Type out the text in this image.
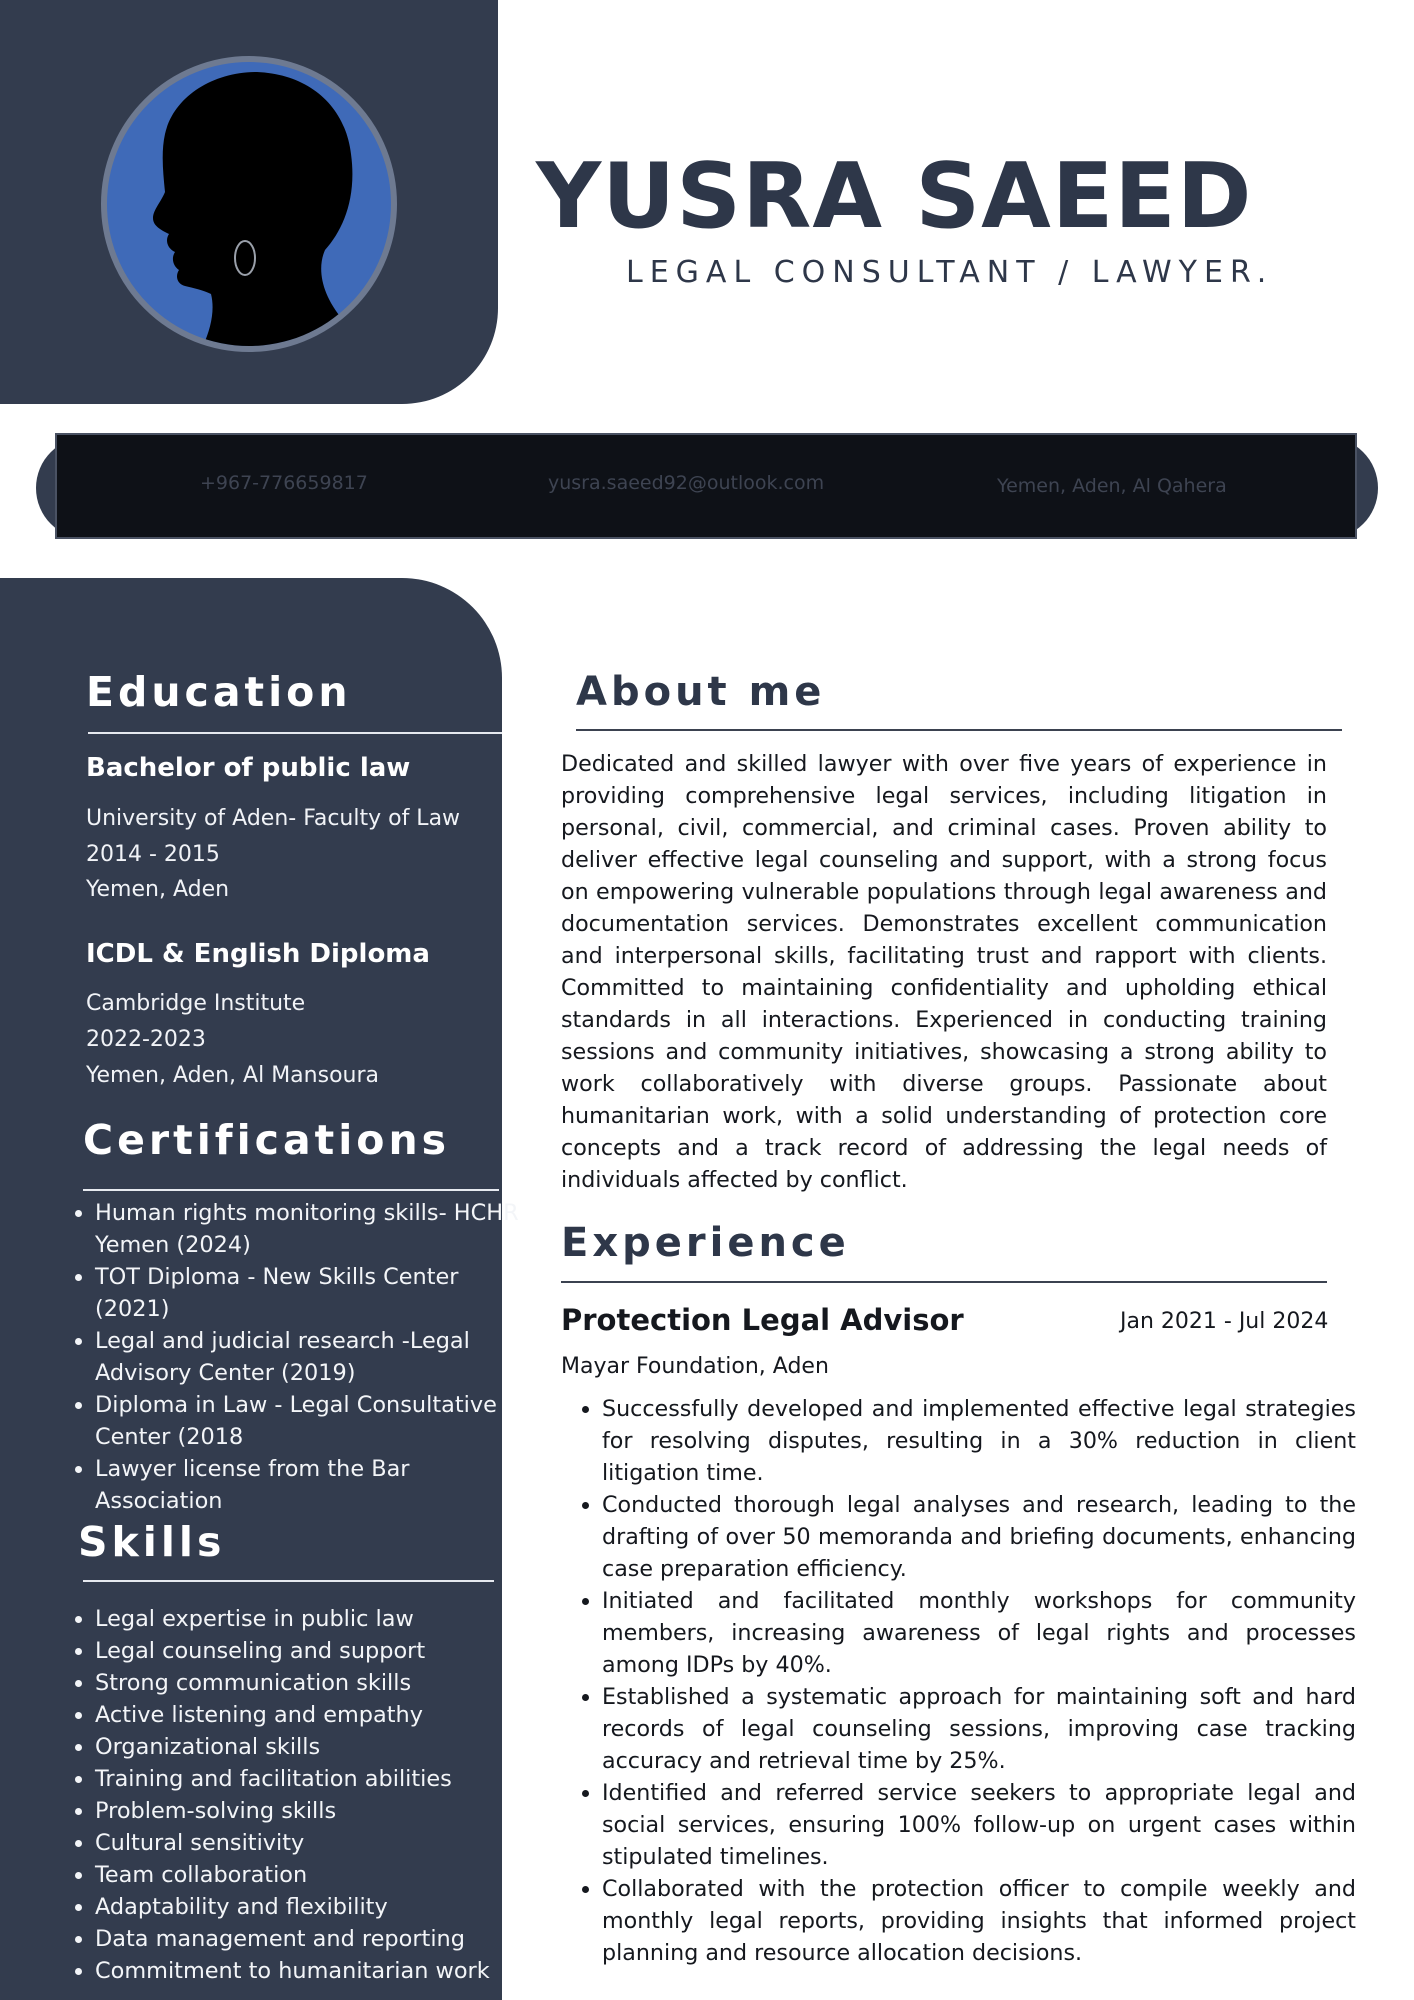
YUSRA SAEED
LEGAL CONSULTANT / LAWYER.
+967-776659817	yusra.saeed92@outlook.com	Yemen, Aden, Al Qahera
Education
Bachelor of public law
University of Aden- Faculty of Law
2014 - 2015
Yemen, Aden
ICDL & English Diploma
Cambridge Institute
2022-2023
Yemen, Aden, Al Mansoura
Certifications
• Human rights monitoring skills- HCHR Yemen (2024)
• TOT Diploma - New Skills Center (2021)
• Legal and judicial research -Legal Advisory Center (2019)
• Diploma in Law - Legal Consultative Center (2018
• Lawyer license from the Bar Association
Skills
• Legal expertise in public law
• Legal counseling and support
• Strong communication skills
• Active listening and empathy
• Organizational skills
• Training and facilitation abilities
• Problem-solving skills
• Cultural sensitivity
• Team collaboration
• Adaptability and flexibility
• Data management and reporting
• Commitment to humanitarian work
About me

Dedicated and skilled lawyer with over five years of experience in providing comprehensive legal services, including litigation in personal, civil, commercial, and criminal cases. Proven ability to deliver effective legal counseling and support, with a strong focus on empowering vulnerable populations through legal awareness and documentation services. Demonstrates excellent communication and interpersonal skills, facilitating trust and rapport with clients. Committed to maintaining confidentiality and upholding ethical standards in all interactions. Experienced in conducting training sessions and community initiatives, showcasing a strong ability to work collaboratively with diverse groups. Passionate about humanitarian work, with a solid understanding of protection core concepts and a track record of addressing the legal needs of individuals affected by conflict.

Experience
Protection Legal Advisor	Jan 2021 - Jul 2024
Mayar Foundation, Aden
• Successfully developed and implemented effective legal strategies for resolving disputes, resulting in a 30% reduction in client litigation time.
• Conducted thorough legal analyses and research, leading to the drafting of over 50 memoranda and briefing documents, enhancing case preparation efficiency.
• Initiated and facilitated monthly workshops for community members, increasing awareness of legal rights and processes among IDPs by 40%.
• Established a systematic approach for maintaining soft and hard records of legal counseling sessions, improving case tracking accuracy and retrieval time by 25%.
• Identified and referred service seekers to appropriate legal and social services, ensuring 100% follow-up on urgent cases within stipulated timelines.
• Collaborated with the protection officer to compile weekly and monthly legal reports, providing insights that informed project planning and resource allocation decisions.
